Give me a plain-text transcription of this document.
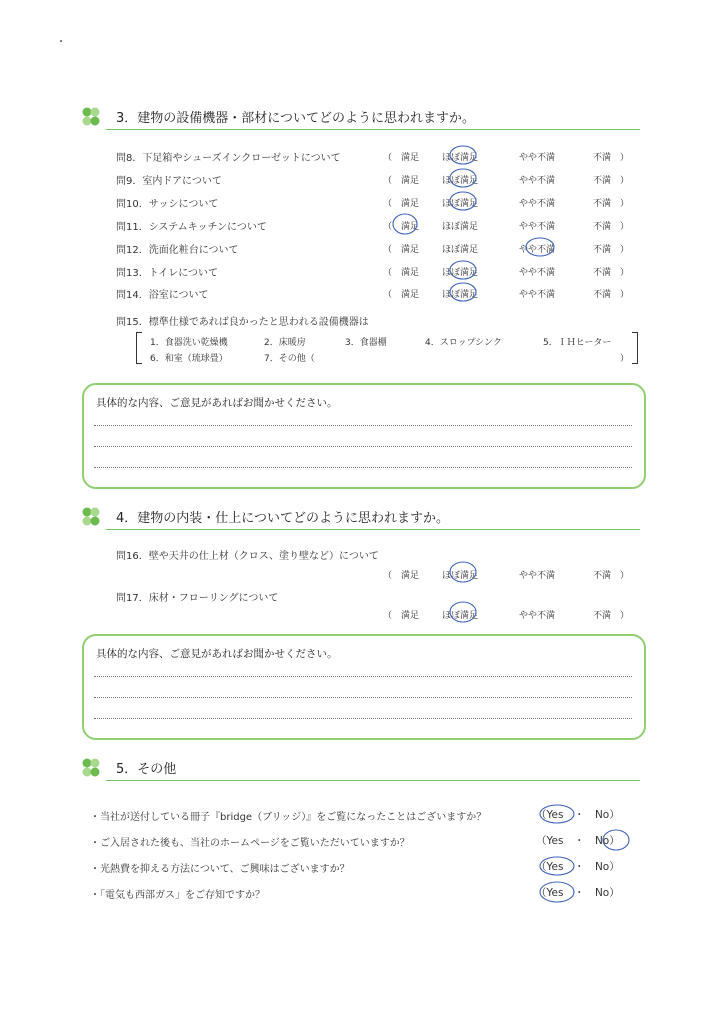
3．建物の設備機器・部材についてどのように思われますか。
問8．下足箱やシューズインクローゼットについて	（　満足	ほぼ満足	やや不満	不満　）
問9．室内ドアについて	（　満足	ほぼ満足	やや不満	不満　）
問10．サッシについて	（　満足	ほぼ満足	やや不満	不満　）
問11．システムキッチンについて	（　満足	ほぼ満足	やや不満	不満　）
問12．洗面化粧台について	（　満足	ほぼ満足	やや不満	不満　）
問13．トイレについて	（　満足	ほぼ満足	やや不満	不満　）
問14．浴室について	（　満足	ほぼ満足	やや不満	不満　）
問15．標準仕様であれば良かったと思われる設備機器は
1．食器洗い乾燥機	2．床暖房	3．食器棚	4．スロップシンク	5．ＩＨヒーター
6．和室（琉球畳）	7．その他（	）
具体的な内容、ご意見があればお聞かせください。
4．建物の内装・仕上についてどのように思われますか。
問16．壁や天井の仕上材（クロス、塗り壁など）について
（　満足	ほぼ満足	やや不満	不満　）
問17．床材・フローリングについて
（　満足	ほぼ満足	やや不満	不満　）
具体的な内容、ご意見があればお聞かせください。
5．その他
・当社が送付している冊子『bridge（ブリッジ）』をご覧になったことはございますか？	（Yes　・　No）
・ご入居された後も、当社のホームページをご覧いただいていますか？	（Yes　・　No）
・光熱費を抑える方法について、ご興味はございますか？	（Yes　・　No）
・「電気も西部ガス」をご存知ですか？	（Yes　・　No）
